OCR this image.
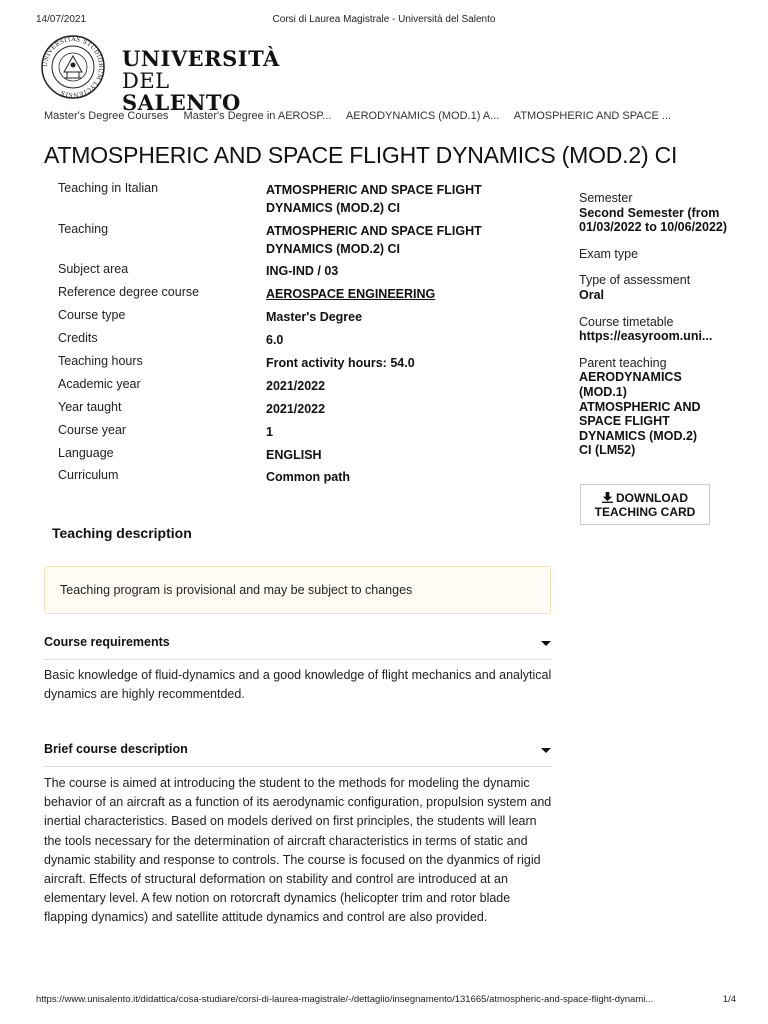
14/07/2021	Corsi di Laurea Magistrale - Università del Salento
UNIVERSITAS STUDIORUM LYCIENSIS
UNIVERSITÀ
DEL SALENTO
Master's Degree Courses Master's Degree in AEROSP... AERODYNAMICS (MOD.1) A... ATMOSPHERIC AND SPACE ...
ATMOSPHERIC AND SPACE FLIGHT DYNAMICS (MOD.2) CI
Teaching in Italian	ATMOSPHERIC AND SPACE FLIGHT DYNAMICS (MOD.2) CI
Teaching	ATMOSPHERIC AND SPACE FLIGHT DYNAMICS (MOD.2) CI
Subject area	ING-IND / 03
Reference degree course	AEROSPACE ENGINEERING
Course type	Master's Degree
Credits	6.0
Teaching hours	Front activity hours: 54.0
Academic year	2021/2022
Year taught	2021/2022
Course year	1
Language	ENGLISH
Curriculum	Common path
Semester
Second Semester (from 01/03/2022 to 10/06/2022)
Exam type
Type of assessment
Oral
Course timetable
https://easyroom.uni...
Parent teaching
AERODYNAMICS (MOD.1) ATMOSPHERIC AND SPACE FLIGHT DYNAMICS (MOD.2) CI (LM52)
DOWNLOAD TEACHING CARD
Teaching description
Teaching program is provisional and may be subject to changes
Course requirements
Basic knowledge of fluid-dynamics and a good knowledge of flight mechanics and analytical dynamics are highly recommentded.
Brief course description
The course is aimed at introducing the student to the methods for modeling the dynamic behavior of an aircraft as a function of its aerodynamic configuration, propulsion system and inertial characteristics. Based on models derived on first principles, the students will learn the tools necessary for the determination of aircraft characteristics in terms of static and dynamic stability and response to controls. The course is focused on the dyanmics of rigid aircraft. Effects of structural deformation on stability and control are introduced at an elementary level. A few notion on rotorcraft dynamics (helicopter trim and rotor blade flapping dynamics) and satellite attitude dynamics and control are also provided.
https://www.unisalento.it/didattica/cosa-studiare/corsi-di-laurea-magistrale/-/dettaglio/insegnamento/131665/atmospheric-and-space-flight-dynami...	1/4
